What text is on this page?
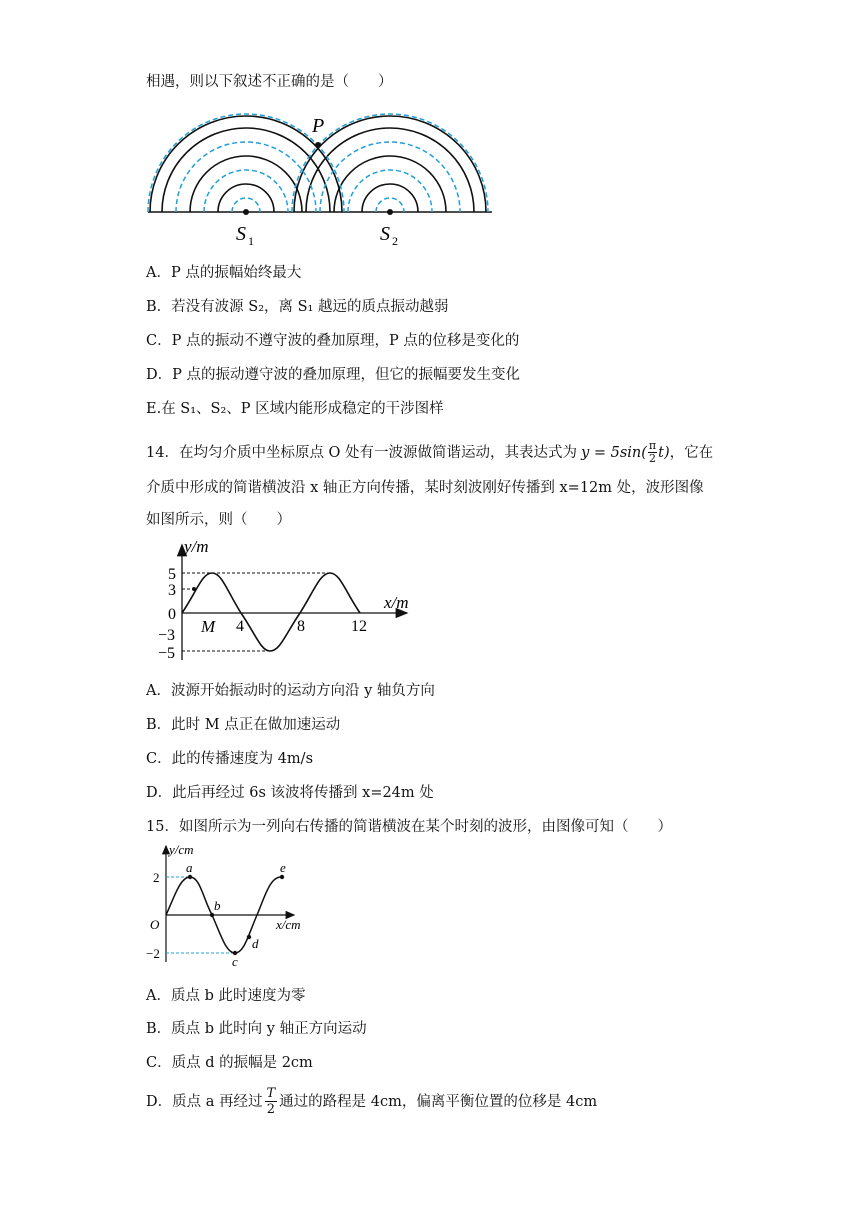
相遇，则以下叙述不正确的是（　　）
P
S 1	S 2
A．P 点的振幅始终最大
B．若没有波源 S₂，离 S₁ 越远的质点振动越弱
C．P 点的振动不遵守波的叠加原理，P 点的位移是变化的
D．P 点的振动遵守波的叠加原理，但它的振幅要发生变化
E.在 S₁、S₂、P 区域内能形成稳定的干涉图样
14．在均匀介质中坐标原点 O 处有一波源做简谐运动，其表达式为 $y = 5\sin( \frac{\pi}{2} t)$ ，它在
介质中形成的简谐横波沿 x 轴正方向传播，某时刻波刚好传播到 x=12m 处，波形图像
如图所示，则（　　）
y/m
x/m
M
5
3
0
−3
−5
4	8	12
A．波源开始振动时的运动方向沿 y 轴负方向
B．此时 M 点正在做加速运动
C．此的传播速度为 4m/s
D．此后再经过 6s 该波将传播到 x=24m 处
15．如图所示为一列向右传播的简谐横波在某个时刻的波形，由图像可知（　　）
y/cm
x/cm
O
2
−2
a
b
c
d
e
A．质点 b 此时速度为零
B．质点 b 此时向 y 轴正方向运动
C．质点 d 的振幅是 2cm
D．质点 a 再经过 $\frac{T}{2}$ 通过的路程是 4cm，偏离平衡位置的位移是 4cm
